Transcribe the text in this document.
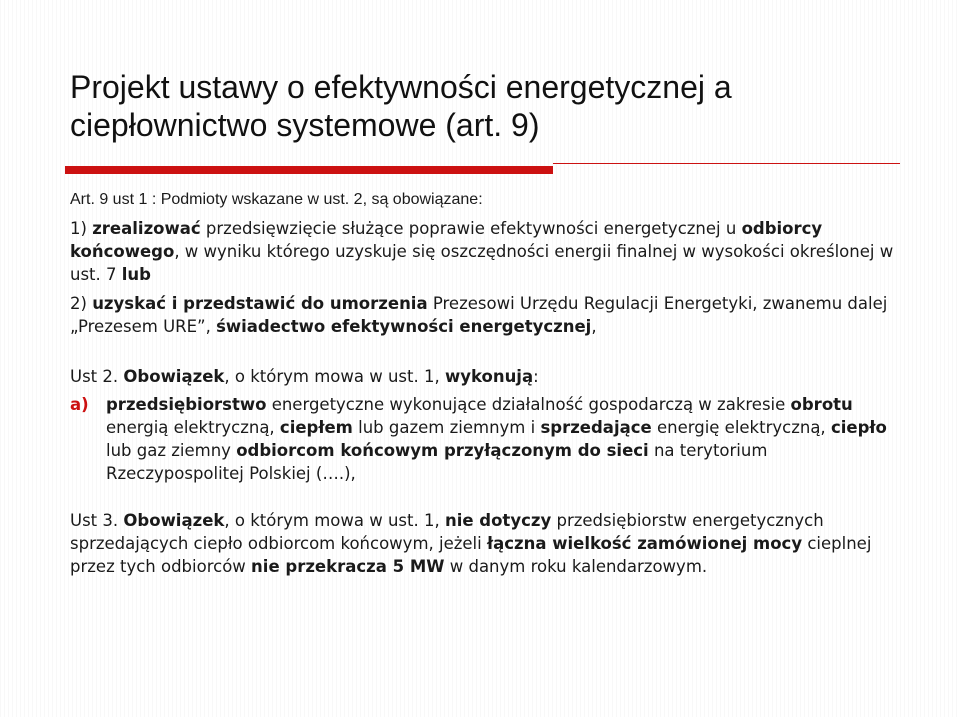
Projekt ustawy o efektywności energetycznej a
ciepłownictwo systemowe (art. 9)

Art. 9 ust 1 : Podmioty wskazane w ust. 2, są obowiązane:

1) zrealizować przedsięwzięcie służące poprawie efektywności energetycznej u odbiorcy końcowego, w wyniku którego uzyskuje się oszczędności energii finalnej w wysokości określonej w ust. 7 lub

2) uzyskać i przedstawić do umorzenia Prezesowi Urzędu Regulacji Energetyki, zwanemu dalej „Prezesem URE”, świadectwo efektywności energetycznej,

Ust 2. Obowiązek, o którym mowa w ust. 1, wykonują:

a)	przedsiębiorstwo energetyczne wykonujące działalność gospodarczą w zakresie obrotu energią elektryczną, ciepłem lub gazem ziemnym i sprzedające energię elektryczną, ciepło lub gaz ziemny odbiorcom końcowym przyłączonym do sieci na terytorium Rzeczypospolitej Polskiej (….),

Ust 3. Obowiązek, o którym mowa w ust. 1, nie dotyczy przedsiębiorstw energetycznych sprzedających ciepło odbiorcom końcowym, jeżeli łączna wielkość zamówionej mocy cieplnej przez tych odbiorców nie przekracza 5 MW w danym roku kalendarzowym.
